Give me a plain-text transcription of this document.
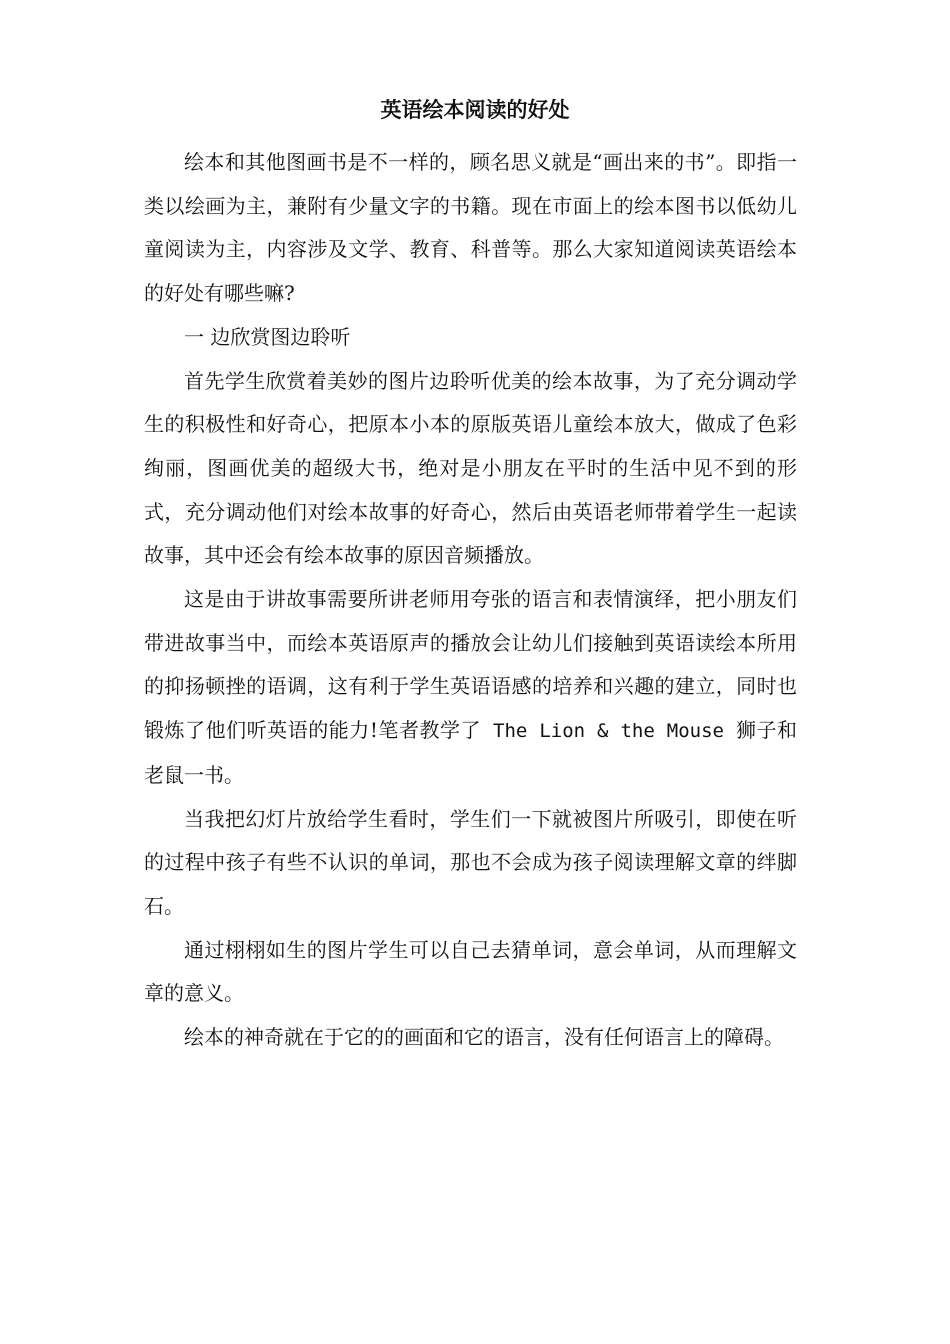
英语绘本阅读的好处

绘本和其他图画书是不一样的，顾名思义就是“画出来的书”。即指一类以绘画为主，兼附有少量文字的书籍。现在市面上的绘本图书以低幼儿童阅读为主，内容涉及文学、教育、科普等。那么大家知道阅读英语绘本的好处有哪些嘛?

一 边欣赏图边聆听

首先学生欣赏着美妙的图片边聆听优美的绘本故事，为了充分调动学生的积极性和好奇心，把原本小本的原版英语儿童绘本放大，做成了色彩绚丽，图画优美的超级大书，绝对是小朋友在平时的生活中见不到的形式，充分调动他们对绘本故事的好奇心，然后由英语老师带着学生一起读故事，其中还会有绘本故事的原因音频播放。

这是由于讲故事需要所讲老师用夸张的语言和表情演绎，把小朋友们带进故事当中，而绘本英语原声的播放会让幼儿们接触到英语读绘本所用的抑扬顿挫的语调，这有利于学生英语语感的培养和兴趣的建立，同时也锻炼了他们听英语的能力!笔者教学了 The Lion & the Mouse 狮子和老鼠一书。

当我把幻灯片放给学生看时，学生们一下就被图片所吸引，即使在听的过程中孩子有些不认识的单词，那也不会成为孩子阅读理解文章的绊脚石。

通过栩栩如生的图片学生可以自己去猜单词，意会单词，从而理解文章的意义。

绘本的神奇就在于它的的画面和它的语言，没有任何语言上的障碍。
